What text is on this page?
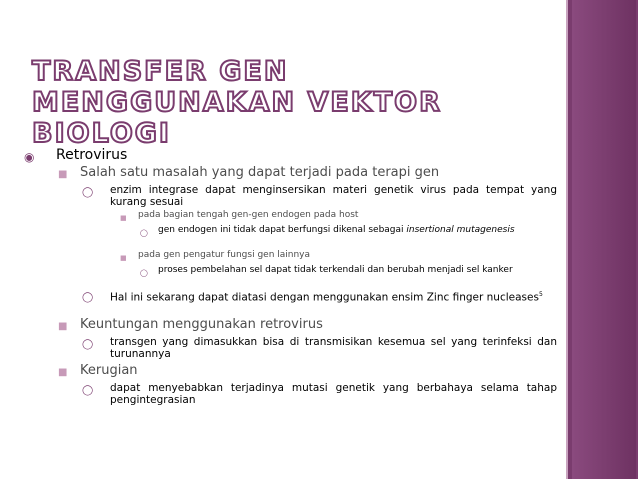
TRANSFER GEN MENGGUNAKAN VEKTOR BIOLOGI
◉ Retrovirus
■ Salah satu masalah yang dapat terjadi pada terapi gen
◯ enzim integrase dapat menginsersikan materi genetik virus pada tempat yang kurang sesuai
■ pada bagian tengah gen-gen endogen pada host
◯ gen endogen ini tidak dapat berfungsi dikenal sebagai insertional mutagenesis
■ pada gen pengatur fungsi gen lainnya
◯ proses pembelahan sel dapat tidak terkendali dan berubah menjadi sel kanker
◯ Hal ini sekarang dapat diatasi dengan menggunakan ensim Zinc finger nucleases$^5$
■ Keuntungan menggunakan retrovirus
◯ transgen yang dimasukkan bisa di transmisikan kesemua sel yang terinfeksi dan turunannya
■ Kerugian
◯ dapat menyebabkan terjadinya mutasi genetik yang berbahaya selama tahap pengintegrasian
